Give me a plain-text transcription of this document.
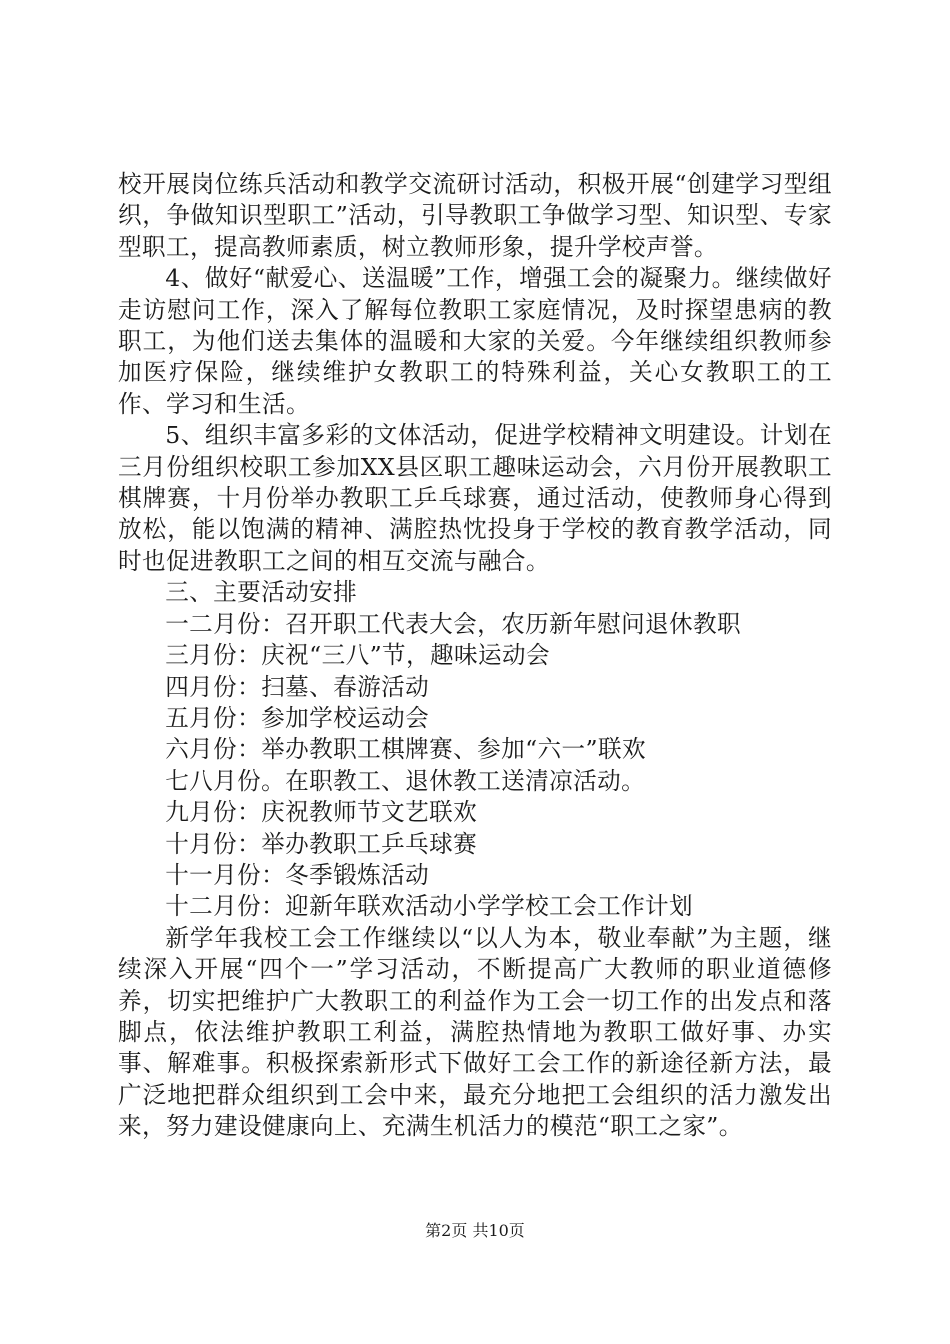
校开展岗位练兵活动和教学交流研讨活动，积极开展“创建学习型组织，争做知识型职工”活动，引导教职工争做学习型、知识型、专家型职工，提高教师素质，树立教师形象，提升学校声誉。

4、做好“献爱心、送温暖”工作，增强工会的凝聚力。继续做好走访慰问工作，深入了解每位教职工家庭情况，及时探望患病的教职工，为他们送去集体的温暖和大家的关爱。今年继续组织教师参加医疗保险，继续维护女教职工的特殊利益，关心女教职工的工作、学习和生活。

5、组织丰富多彩的文体活动，促进学校精神文明建设。计划在三月份组织校职工参加XX县区职工趣味运动会，六月份开展教职工棋牌赛，十月份举办教职工乒乓球赛，通过活动，使教师身心得到放松，能以饱满的精神、满腔热忱投身于学校的教育教学活动，同时也促进教职工之间的相互交流与融合。

三、主要活动安排

一二月份：召开职工代表大会，农历新年慰问退休教职

三月份：庆祝“三八”节，趣味运动会

四月份：扫墓、春游活动

五月份：参加学校运动会

六月份：举办教职工棋牌赛、参加“六一”联欢

七八月份。在职教工、退休教工送清凉活动。

九月份：庆祝教师节文艺联欢

十月份：举办教职工乒乓球赛

十一月份：冬季锻炼活动

十二月份：迎新年联欢活动小学学校工会工作计划

新学年我校工会工作继续以“以人为本，敬业奉献”为主题，继续深入开展“四个一”学习活动，不断提高广大教师的职业道德修养，切实把维护广大教职工的利益作为工会一切工作的出发点和落脚点，依法维护教职工利益，满腔热情地为教职工做好事、办实事、解难事。积极探索新形式下做好工会工作的新途径新方法，最广泛地把群众组织到工会中来，最充分地把工会组织的活力激发出来，努力建设健康向上、充满生机活力的模范“职工之家”。

第2页 共10页
